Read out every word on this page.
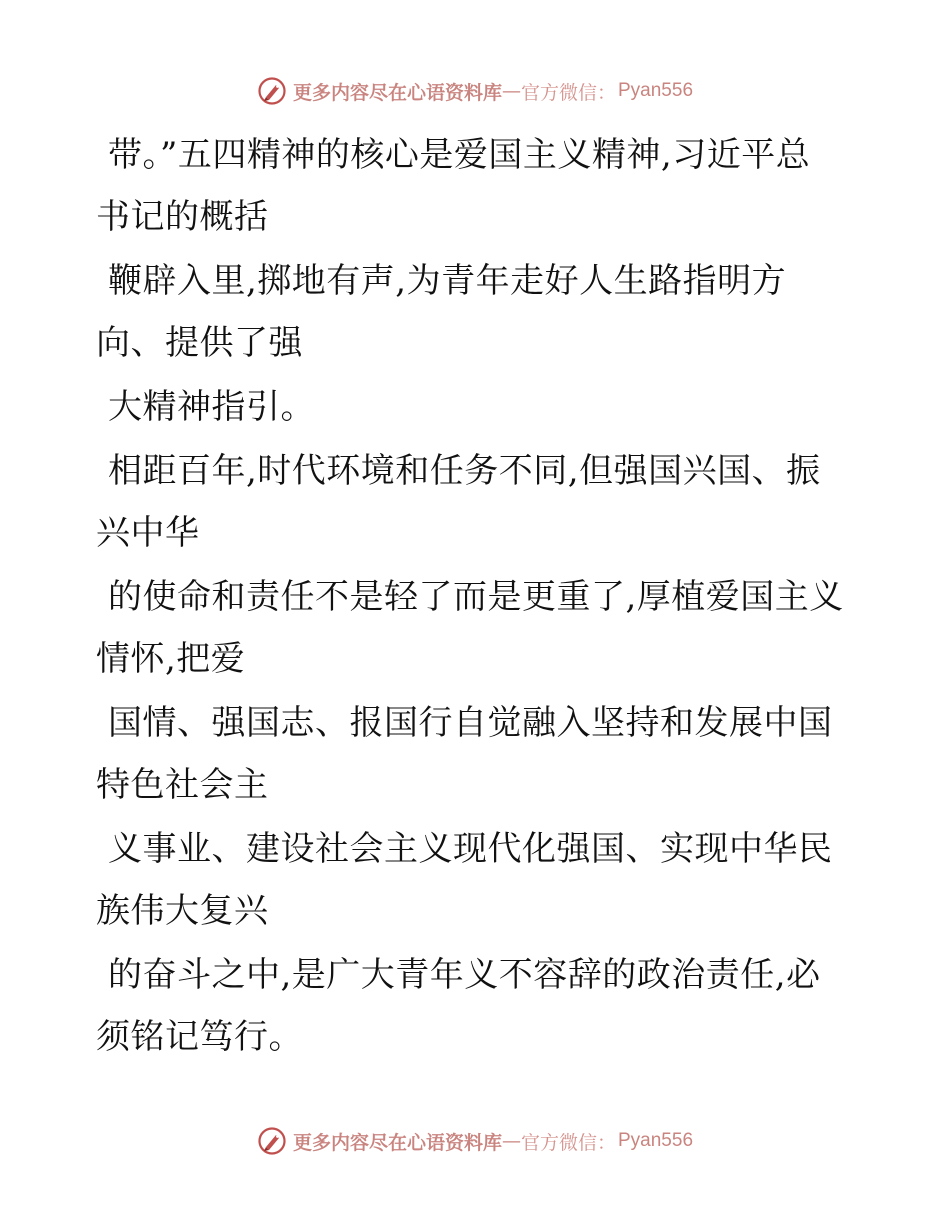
更多内容尽在心语资料库 — 官方微信： Pyan556
带。”五四精神的核心是爱国主义精神,习近平总
书记的概括
鞭辟入里,掷地有声,为青年走好人生路指明方
向、提供了强
大精神指引。
相距百年,时代环境和任务不同,但强国兴国、振
兴中华
的使命和责任不是轻了而是更重了,厚植爱国主义
情怀,把爱
国情、强国志、报国行自觉融入坚持和发展中国
特色社会主
义事业、建设社会主义现代化强国、实现中华民
族伟大复兴
的奋斗之中,是广大青年义不容辞的政治责任,必
须铭记笃行。
更多内容尽在心语资料库 — 官方微信： Pyan556
